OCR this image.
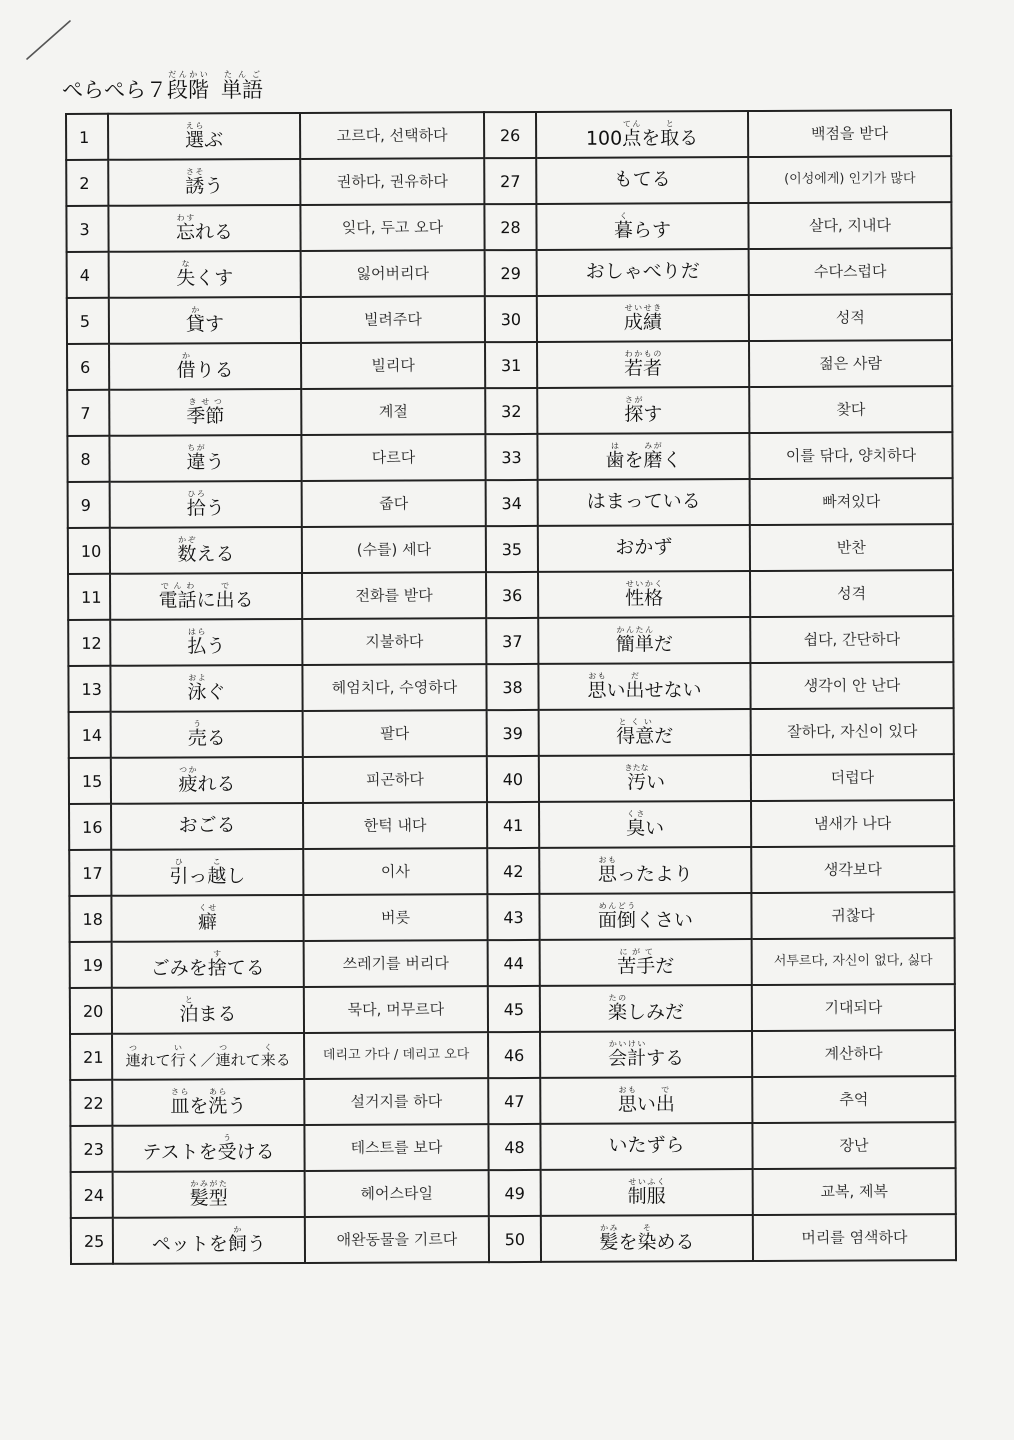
ぺらぺら７ 段階だんかい
単語たんご
1	選えらぶ	고르다, 선택하다	26	100点てんを取とる	백점을 받다
2	誘さそう	권하다, 권유하다	27	もてる	(이성에게) 인기가 많다
3	忘わすれる	잊다, 두고 오다	28	暮くらす	살다, 지내다
4	失なくす	잃어버리다	29	おしゃべりだ	수다스럽다
5	貸かす	빌려주다	30	成績せいせき	성적
6	借かりる	빌리다	31	若者わかもの	젊은 사람
7	季節きせつ	계절	32	探さがす	찾다
8	違ちがう	다르다	33	歯はを磨みがく	이를 닦다, 양치하다
9	拾ひろう	줍다	34	はまっている	빠져있다
10	数かぞえる	(수를) 세다	35	おかず	반찬
11	電話でんわに出でる	전화를 받다	36	性格せいかく	성격
12	払はらう	지불하다	37	簡単かんたんだ	쉽다, 간단하다
13	泳およぐ	헤엄치다, 수영하다	38	思おもい出だせない	생각이 안 난다
14	売うる	팔다	39	得意とくいだ	잘하다, 자신이 있다
15	疲つかれる	피곤하다	40	汚きたない	더럽다
16	おごる	한턱 내다	41	臭くさい	냄새가 나다
17	引ひっ越こし	이사	42	思おもったより	생각보다
18	癖くせ	버릇	43	面倒めんどうくさい	귀찮다
19	ごみを捨すてる	쓰레기를 버리다	44	苦手にがてだ	서투르다, 자신이 없다, 싫다
20	泊とまる	묵다, 머무르다	45	楽たのしみだ	기대되다
21	連つれて行いく／連つれて来くる	데리고 가다 / 데리고 오다	46	会計かいけいする	계산하다
22	皿さらを洗あらう	설거지를 하다	47	思おもい出で	추억
23	テストを受うける	테스트를 보다	48	いたずら	장난
24	髪型かみがた	헤어스타일	49	制服せいふく	교복, 제복
25	ペットを飼かう	애완동물을 기르다	50	髪かみを染そめる	머리를 염색하다
